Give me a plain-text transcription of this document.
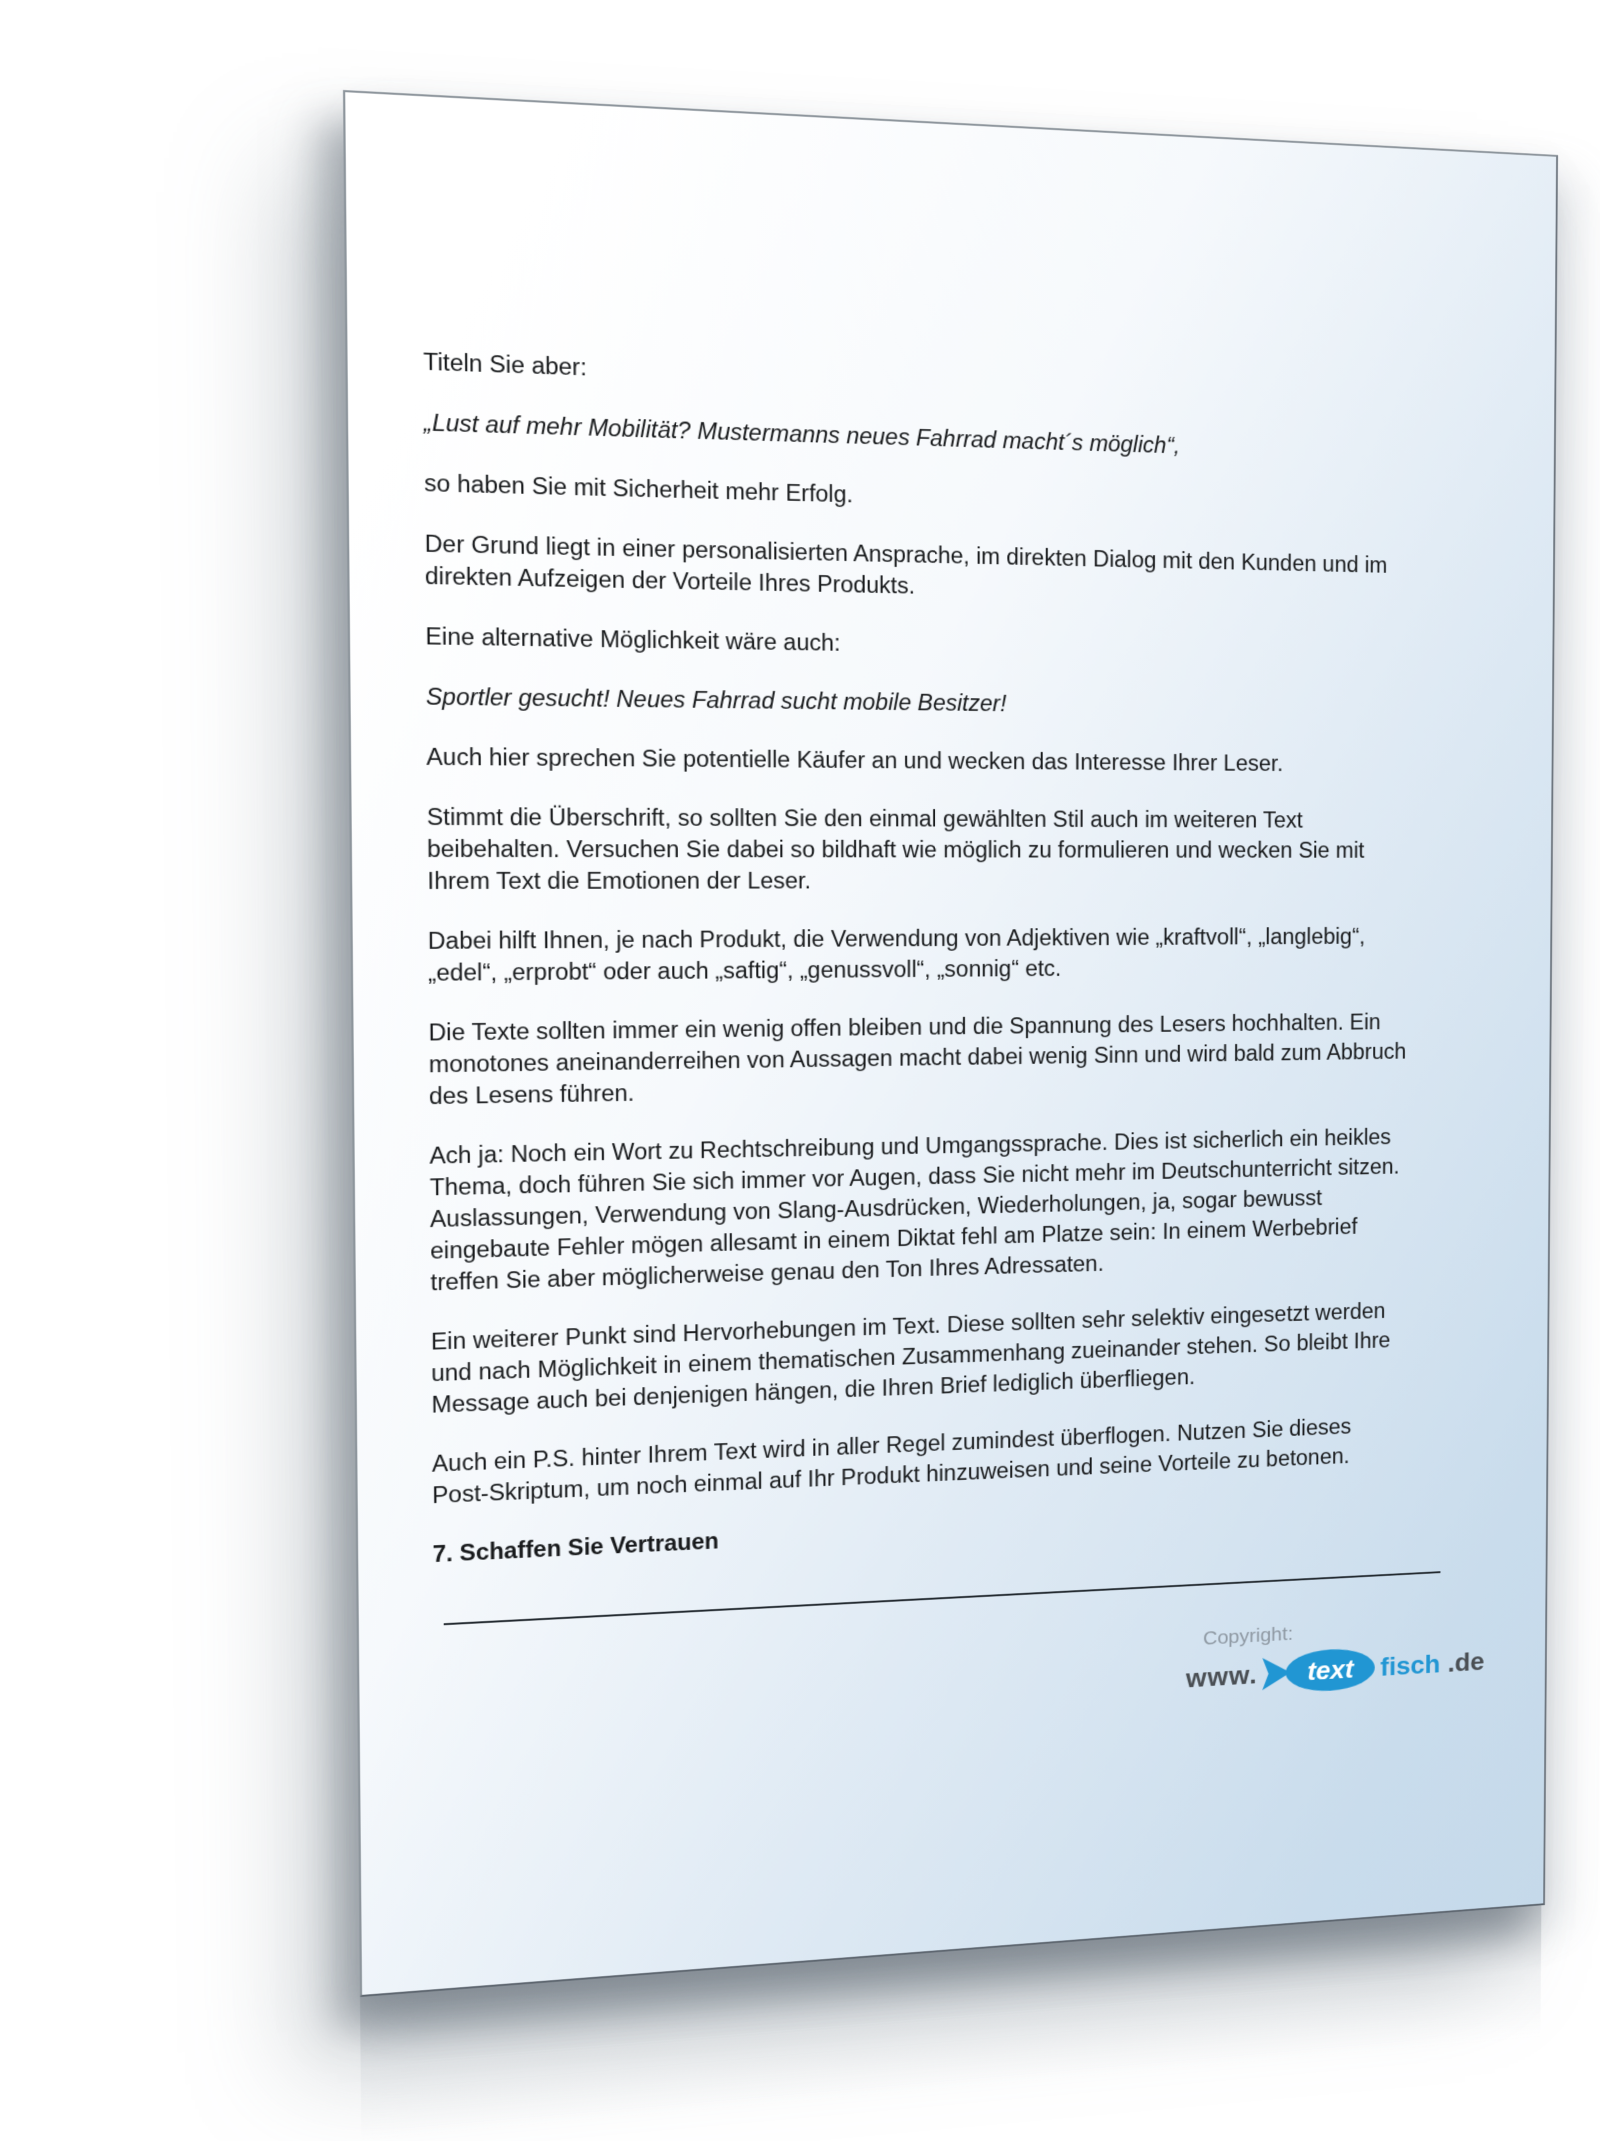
Titeln Sie aber:

„Lust auf mehr Mobilität? Mustermanns neues Fahrrad macht´s möglich“,

so haben Sie mit Sicherheit mehr Erfolg.

Der Grund liegt in einer personalisierten Ansprache, im direkten Dialog mit den Kunden und im direkten Aufzeigen der Vorteile Ihres Produkts.

Eine alternative Möglichkeit wäre auch:

Sportler gesucht! Neues Fahrrad sucht mobile Besitzer!

Auch hier sprechen Sie potentielle Käufer an und wecken das Interesse Ihrer Leser.

Stimmt die Überschrift, so sollten Sie den einmal gewählten Stil auch im weiteren Text beibehalten. Versuchen Sie dabei so bildhaft wie möglich zu formulieren und wecken Sie mit Ihrem Text die Emotionen der Leser.

Dabei hilft Ihnen, je nach Produkt, die Verwendung von Adjektiven wie „kraftvoll“, „langlebig“, „edel“, „erprobt“ oder auch „saftig“, „genussvoll“, „sonnig“ etc.

Die Texte sollten immer ein wenig offen bleiben und die Spannung des Lesers hochhalten. Ein monotones aneinanderreihen von Aussagen macht dabei wenig Sinn und wird bald zum Abbruch des Lesens führen.

Ach ja: Noch ein Wort zu Rechtschreibung und Umgangssprache. Dies ist sicherlich ein heikles Thema, doch führen Sie sich immer vor Augen, dass Sie nicht mehr im Deutschunterricht sitzen. Auslassungen, Verwendung von Slang-Ausdrücken, Wiederholungen, ja, sogar bewusst eingebaute Fehler mögen allesamt in einem Diktat fehl am Platze sein: In einem Werbebrief treffen Sie aber möglicherweise genau den Ton Ihres Adressaten.

Ein weiterer Punkt sind Hervorhebungen im Text. Diese sollten sehr selektiv eingesetzt werden und nach Möglichkeit in einem thematischen Zusammenhang zueinander stehen. So bleibt Ihre Message auch bei denjenigen hängen, die Ihren Brief lediglich überfliegen.

Auch ein P.S. hinter Ihrem Text wird in aller Regel zumindest überflogen. Nutzen Sie dieses Post-Skriptum, um noch einmal auf Ihr Produkt hinzuweisen und seine Vorteile zu betonen.

7. Schaffen Sie Vertrauen

Copyright:
www. text fisch .de
